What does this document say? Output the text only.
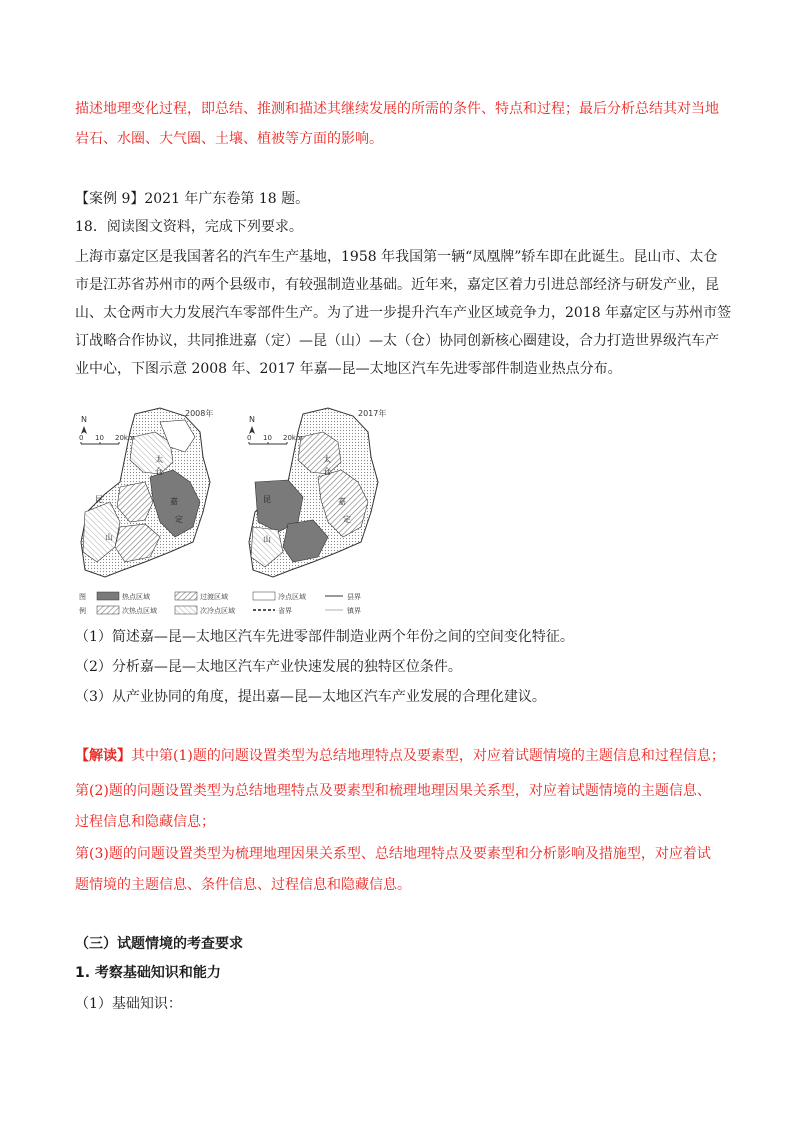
描述地理变化过程，即总结、推测和描述其继续发展的所需的条件、特点和过程；最后分析总结其对当地

岩石、水圈、大气圈、土壤、植被等方面的影响。

【案例 9】2021 年广东卷第 18 题。

18．阅读图文资料，完成下列要求。

上海市嘉定区是我国著名的汽车生产基地，1958 年我国第一辆“凤凰牌”轿车即在此诞生。昆山市、太仓

市是江苏省苏州市的两个县级市，有较强制造业基础。近年来，嘉定区着力引进总部经济与研发产业，昆

山、太仓两市大力发展汽车零部件生产。为了进一步提升汽车产业区域竞争力，2018 年嘉定区与苏州市签

订战略合作协议，共同推进嘉（定）—昆（山）—太（仓）协同创新核心圈建设，合力打造世界级汽车产

业中心，下图示意 2008 年、2017 年嘉—昆—太地区汽车先进零部件制造业热点分布。

2008年
N
0 10 20km
太
仓
嘉
定
昆
山
2017年
N
0 10 20km
太
仓
嘉
定
昆
山
图
例
热点区域	过渡区域	冷点区域	县界
次热点区域	次冷点区域	省界	镇界

（1）简述嘉—昆—太地区汽车先进零部件制造业两个年份之间的空间变化特征。

（2）分析嘉—昆—太地区汽车产业快速发展的独特区位条件。

（3）从产业协同的角度，提出嘉—昆—太地区汽车产业发展的合理化建议。

【解读】其中第(1)题的问题设置类型为总结地理特点及要素型，对应着试题情境的主题信息和过程信息；

第(2)题的问题设置类型为总结地理特点及要素型和梳理地理因果关系型，对应着试题情境的主题信息、

过程信息和隐藏信息；

第(3)题的问题设置类型为梳理地理因果关系型、总结地理特点及要素型和分析影响及措施型，对应着试

题情境的主题信息、条件信息、过程信息和隐藏信息。

（三）试题情境的考查要求

1. 考察基础知识和能力

（1）基础知识：
